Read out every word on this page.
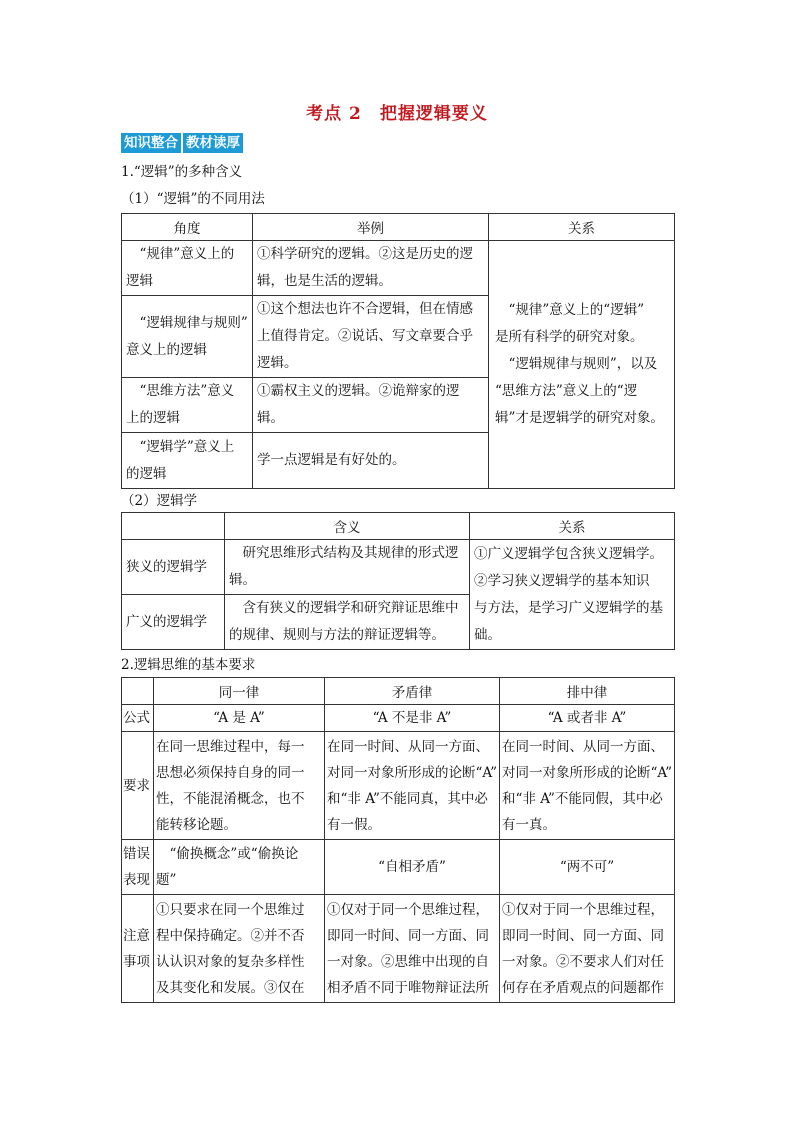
考点 2 把握逻辑要义
知识整合 教材读厚
1.“逻辑”的多种含义
（1）“逻辑”的不同用法
角度	举例	关系
“规律”意义上的
逻辑	①科学研究的逻辑。②这是历史的逻
辑，也是生活的逻辑。	“规律”意义上的“逻辑”
是所有科学的研究对象。
“逻辑规律与规则”，以及
“思维方法”意义上的“逻
辑”才是逻辑学的研究对象。
“逻辑规律与规则”
意义上的逻辑	①这个想法也许不合逻辑，但在情感
上值得肯定。②说话、写文章要合乎
逻辑。	
“思维方法”意义
上的逻辑	①霸权主义的逻辑。②诡辩家的逻辑。	
“逻辑学”意义上
的逻辑	学一点逻辑是有好处的。	
（2）逻辑学
	含义	关系
狭义的逻辑学	研究思维形式结构及其规律的形式逻
辑。	①广义逻辑学包含狭义逻辑学。
②学习狭义逻辑学的基本知识
与方法，是学习广义逻辑学的基
础。
广义的逻辑学	含有狭义的逻辑学和研究辩证思维中
的规律、规则与方法的辩证逻辑等。	
2.逻辑思维的基本要求
	同一律	矛盾律	排中律
公式	“A 是 A”	“A 不是非 A”	“A 或者非 A”
要求	在同一思维过程中，每一
思想必须保持自身的同一
性，不能混淆概念，也不
能转移论题。	在同一时间、从同一方面、
对同一对象所形成的论断“A”
和“非 A”不能同真，其中必
有一假。	在同一时间、从同一方面、
对同一对象所形成的论断“A”
和“非 A”不能同假，其中必
有一真。
错误
表现	“偷换概念”或“偷换论
题”	“自相矛盾”	“两不可”
注意
事项	①只要求在同一个思维过
程中保持确定。②并不否
认认识对象的复杂多样性
及其变化和发展。③仅在	①仅对于同一个思维过程，
即同一时间、同一方面、同
一对象。②思维中出现的自
相矛盾不同于唯物辩证法所	①仅对于同一个思维过程，
即同一时间、同一方面、同
一对象。②不要求人们对任
何存在矛盾观点的问题都作
